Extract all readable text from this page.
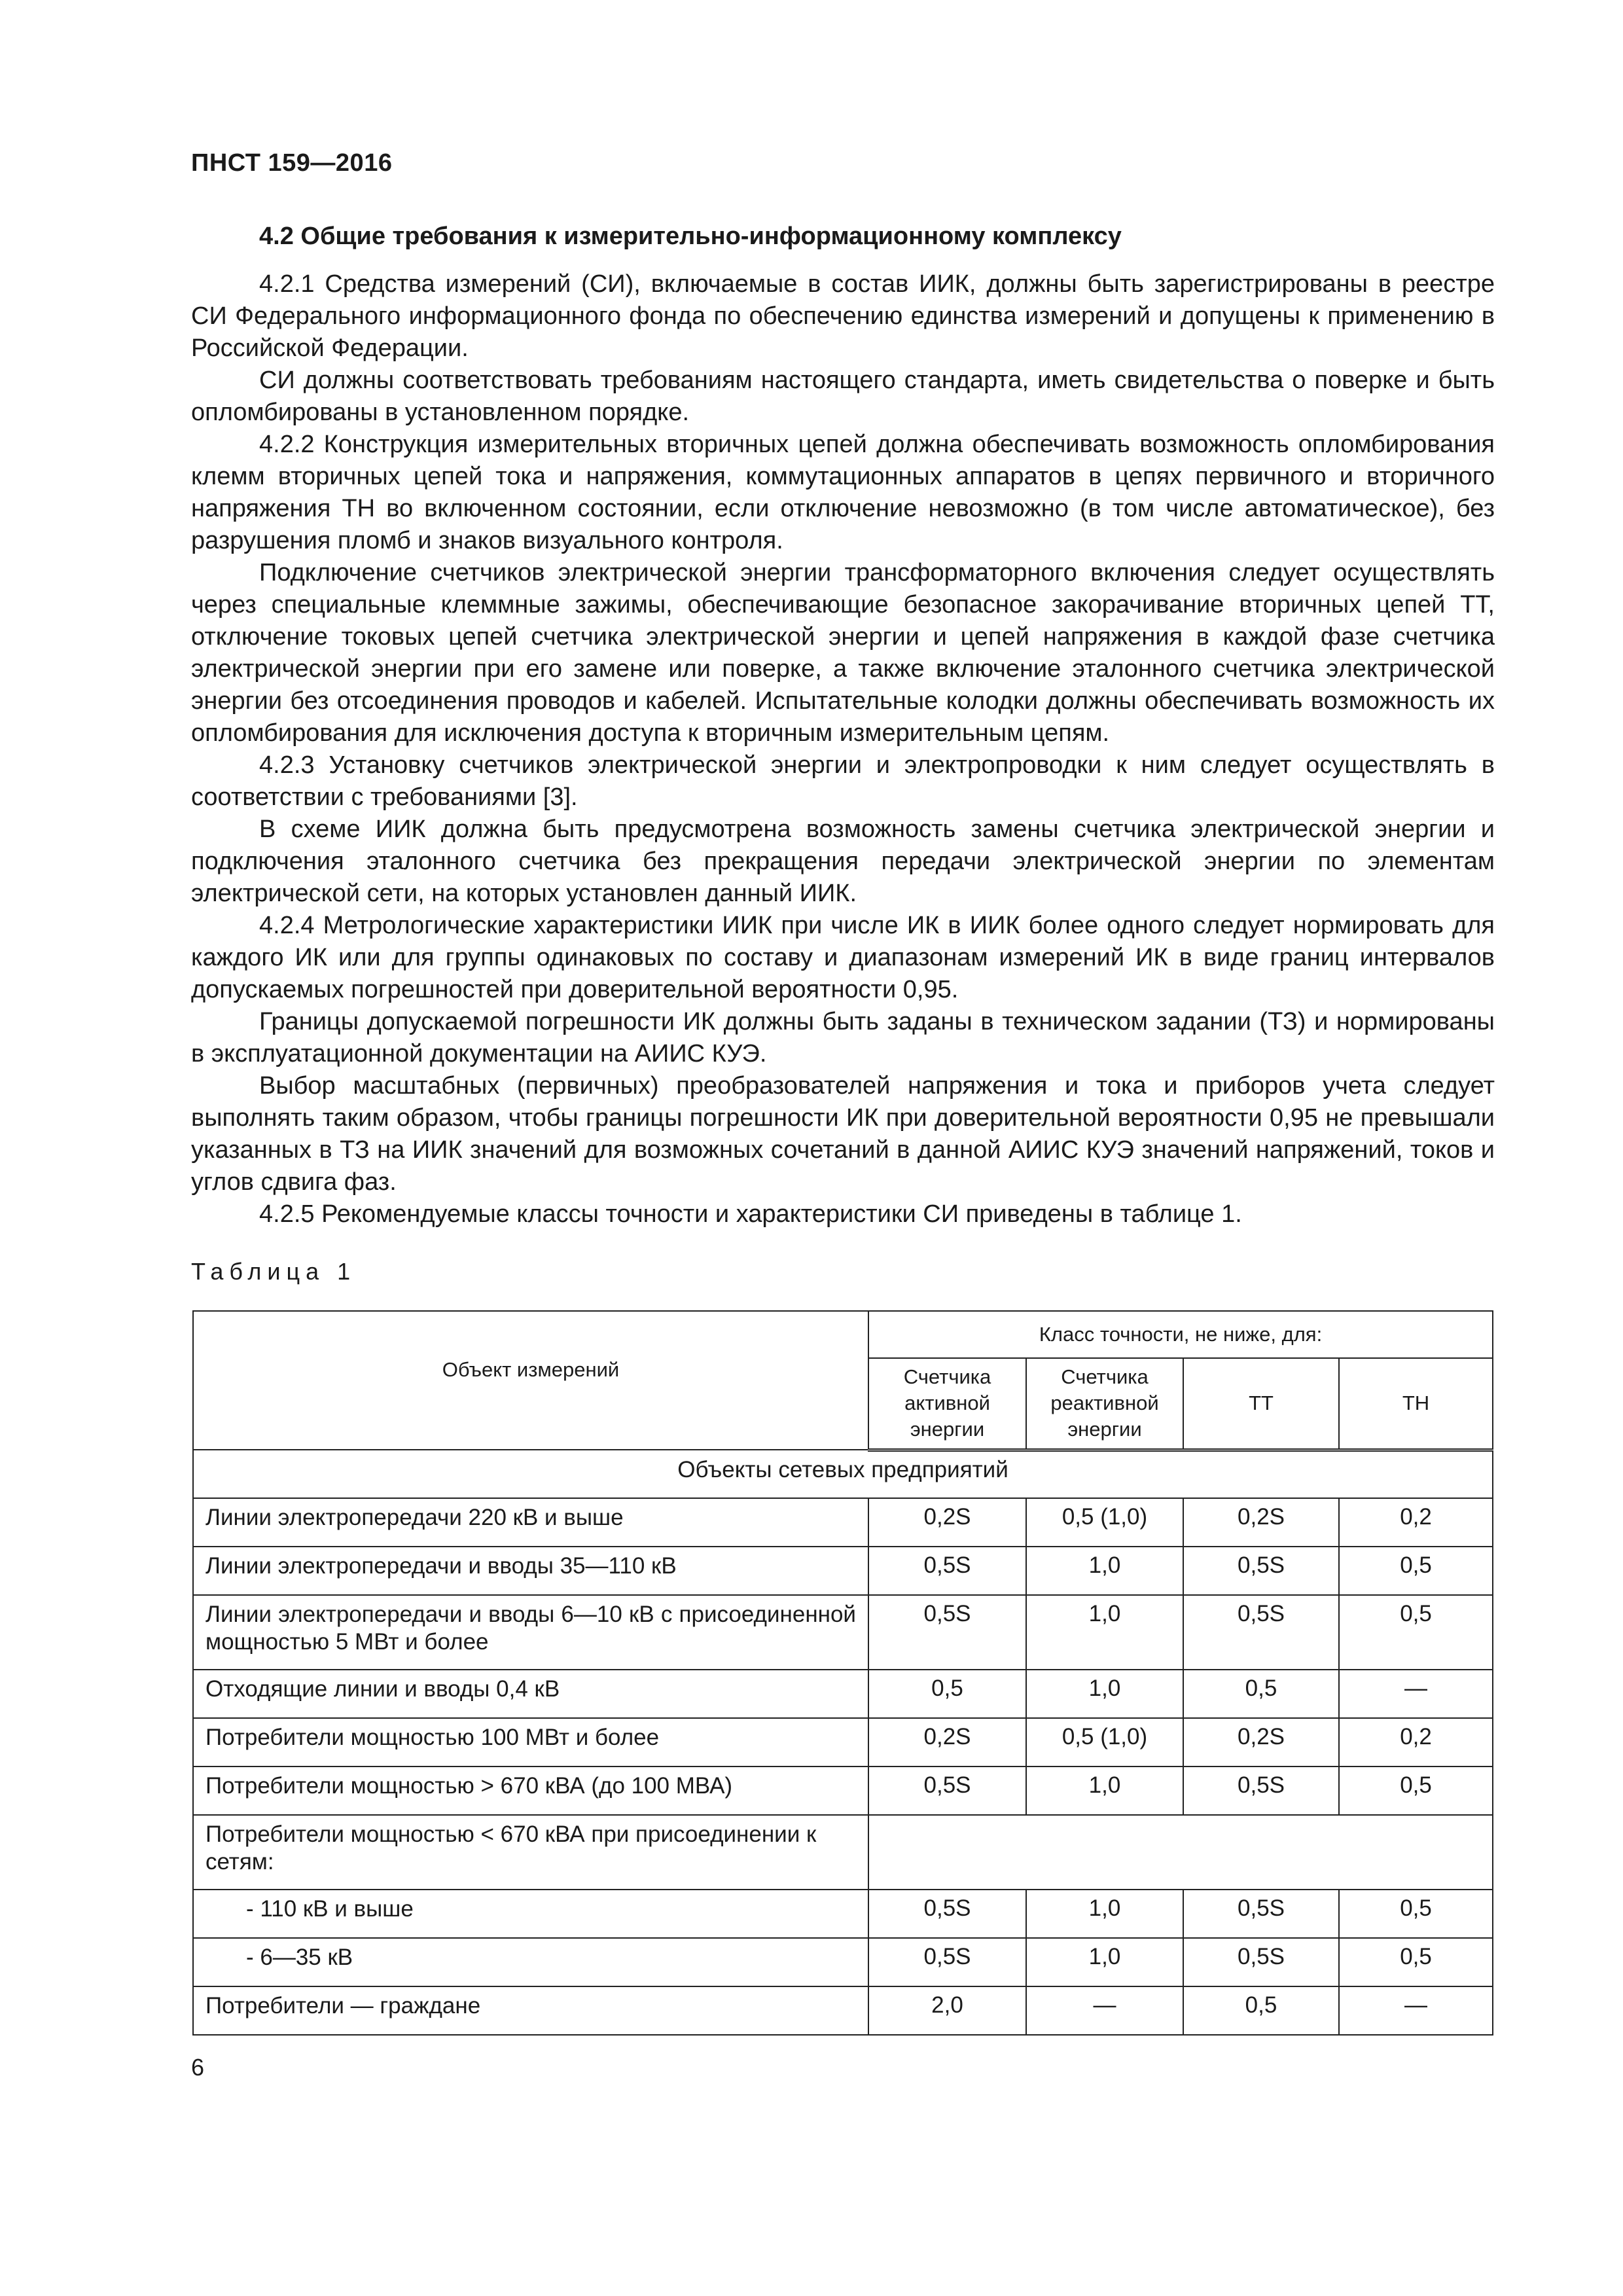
ПНСТ 159—2016
4.2 Общие требования к измерительно-информационному комплексу

4.2.1 Средства измерений (СИ), включаемые в состав ИИК, должны быть зарегистрированы в реестре СИ Федерального информационного фонда по обеспечению единства измерений и допущены к применению в Российской Федерации.

СИ должны соответствовать требованиям настоящего стандарта, иметь свидетельства о поверке и быть опломбированы в установленном порядке.

4.2.2 Конструкция измерительных вторичных цепей должна обеспечивать возможность опломбирования клемм вторичных цепей тока и напряжения, коммутационных аппаратов в цепях первичного и вторичного напряжения ТН во включенном состоянии, если отключение невозможно (в том числе автоматическое), без разрушения пломб и знаков визуального контроля.

Подключение счетчиков электрической энергии трансформаторного включения следует осуществлять через специальные клеммные зажимы, обеспечивающие безопасное закорачивание вторичных цепей ТТ, отключение токовых цепей счетчика электрической энергии и цепей напряжения в каждой фазе счетчика электрической энергии при его замене или поверке, а также включение эталонного счетчика электрической энергии без отсоединения проводов и кабелей. Испытательные колодки должны обеспечивать возможность их опломбирования для исключения доступа к вторичным измерительным цепям.

4.2.3 Установку счетчиков электрической энергии и электропроводки к ним следует осуществлять в соответствии с требованиями [3].

В схеме ИИК должна быть предусмотрена возможность замены счетчика электрической энергии и подключения эталонного счетчика без прекращения передачи электрической энергии по элементам электрической сети, на которых установлен данный ИИК.

4.2.4 Метрологические характеристики ИИК при числе ИК в ИИК более одного следует нормировать для каждого ИК или для группы одинаковых по составу и диапазонам измерений ИК в виде границ интервалов допускаемых погрешностей при доверительной вероятности 0,95.

Границы допускаемой погрешности ИК должны быть заданы в техническом задании (ТЗ) и нормированы в эксплуатационной документации на АИИС КУЭ.

Выбор масштабных (первичных) преобразователей напряжения и тока и приборов учета следует выполнять таким образом, чтобы границы погрешности ИК при доверительной вероятности 0,95 не превышали указанных в ТЗ на ИИК значений для возможных сочетаний в данной АИИС КУЭ значений напряжений, токов и углов сдвига фаз.

4.2.5 Рекомендуемые классы точности и характеристики СИ приведены в таблице 1.

Таблица 1
Объект измерений	Класс точности, не ниже, для:			
	Счетчика активной энергии	Счетчика реактивной энергии	ТТ	ТН
Объекты сетевых предприятий				
Линии электропередачи 220 кВ и выше	0,2S	0,5 (1,0)	0,2S	0,2
Линии электропередачи и вводы 35—110 кВ	0,5S	1,0	0,5S	0,5
Линии электропередачи и вводы 6—10 кВ с присоединенной мощностью 5 МВт и более	0,5S	1,0	0,5S	0,5
Отходящие линии и вводы 0,4 кВ	0,5	1,0	0,5	—
Потребители мощностью 100 МВт и более	0,2S	0,5 (1,0)	0,2S	0,2
Потребители мощностью > 670 кВА (до 100 МВА)	0,5S	1,0	0,5S	0,5
Потребители мощностью < 670 кВА при присоединении к сетям:				
- 110 кВ и выше	0,5S	1,0	0,5S	0,5
- 6—35 кВ	0,5S	1,0	0,5S	0,5
Потребители — граждане	2,0	—	0,5	—
6
